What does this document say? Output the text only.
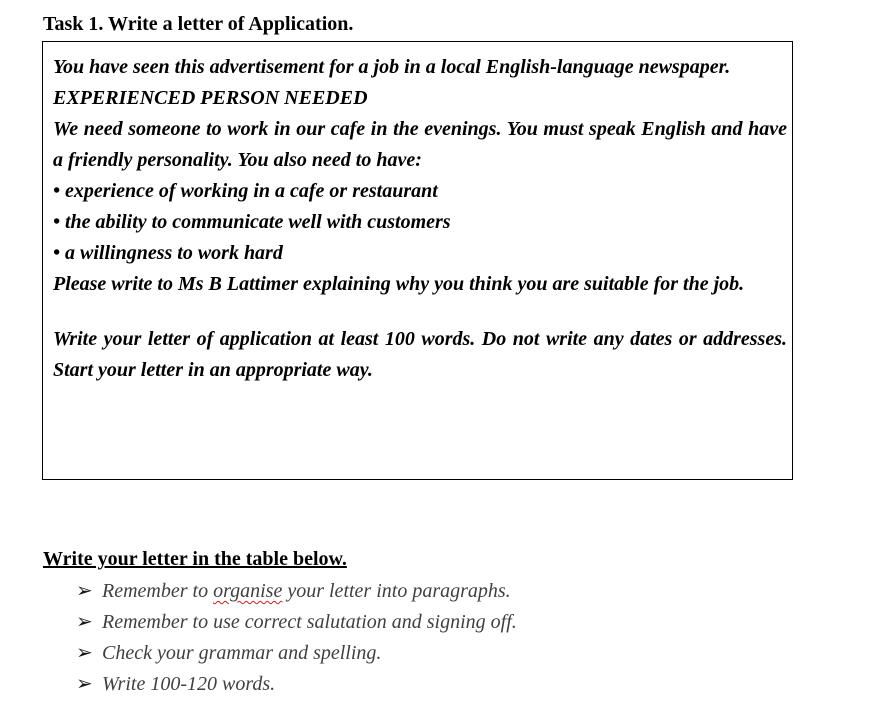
Task 1. Write a letter of Application.

You have seen this advertisement for a job in a local English-language newspaper.

EXPERIENCED PERSON NEEDED

We need someone to work in our cafe in the evenings. You must speak English and have a friendly personality. You also need to have:

• experience of working in a cafe or restaurant

• the ability to communicate well with customers

• a willingness to work hard

Please write to Ms B Lattimer explaining why you think you are suitable for the job.

Write your letter of application at least 100 words. Do not write any dates or addresses. Start your letter in an appropriate way.

Write your letter in the table below.
➢ Remember to organise your letter into paragraphs.
➢ Remember to use correct salutation and signing off.
➢ Check your grammar and spelling.
➢ Write 100-120 words.
